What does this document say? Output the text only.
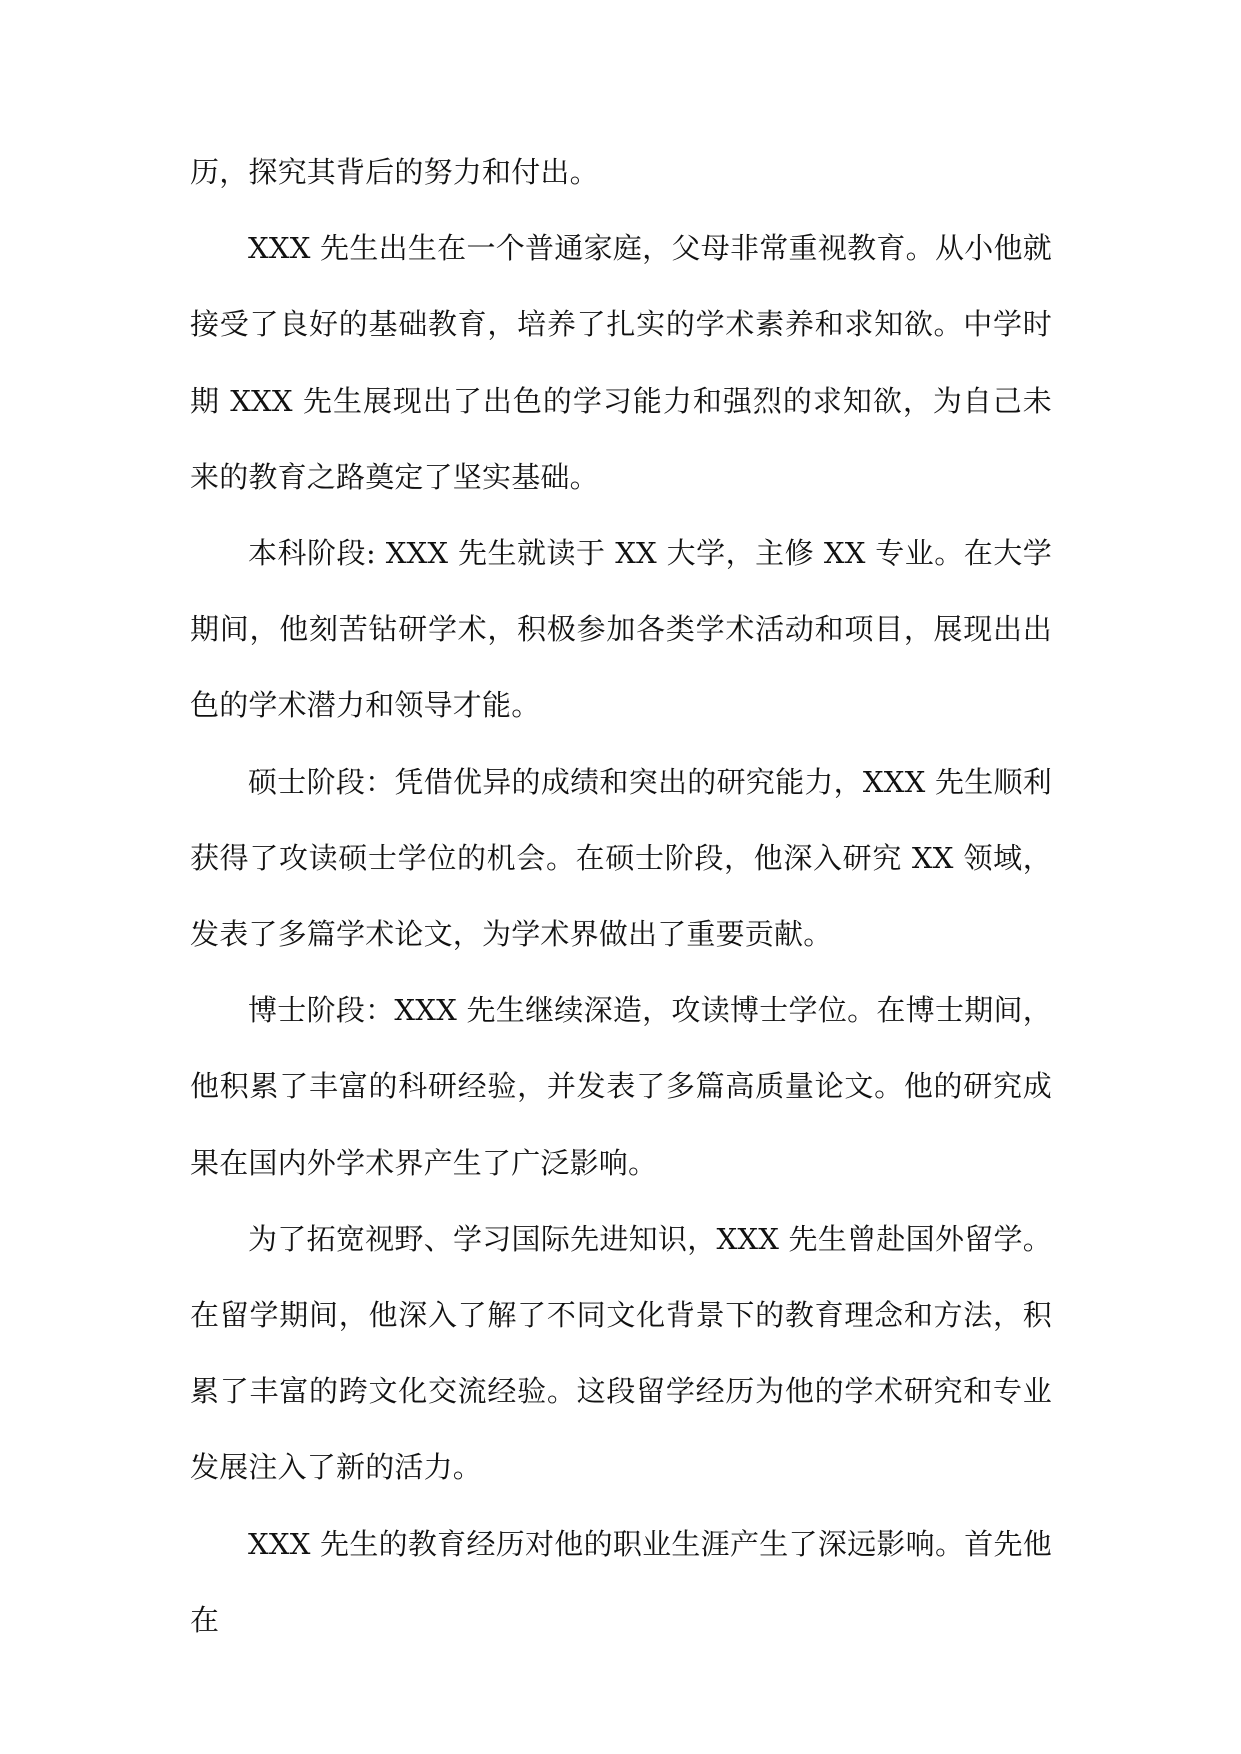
历，探究其背后的努力和付出。

XXX 先生出生在一个普通家庭，父母非常重视教育。从小他就接受了良好的基础教育，培养了扎实的学术素养和求知欲。中学时期 XXX 先生展现出了出色的学习能力和强烈的求知欲，为自己未来的教育之路奠定了坚实基础。

本科阶段: XXX 先生就读于 XX 大学，主修 XX 专业。在大学期间，他刻苦钻研学术，积极参加各类学术活动和项目，展现出出色的学术潜力和领导才能。

硕士阶段：凭借优异的成绩和突出的研究能力，XXX 先生顺利获得了攻读硕士学位的机会。在硕士阶段，他深入研究 XX 领域，发表了多篇学术论文，为学术界做出了重要贡献。

博士阶段：XXX 先生继续深造，攻读博士学位。在博士期间，他积累了丰富的科研经验，并发表了多篇高质量论文。他的研究成果在国内外学术界产生了广泛影响。

为了拓宽视野、学习国际先进知识，XXX 先生曾赴国外留学。在留学期间，他深入了解了不同文化背景下的教育理念和方法，积累了丰富的跨文化交流经验。这段留学经历为他的学术研究和专业发展注入了新的活力。

XXX 先生的教育经历对他的职业生涯产生了深远影响。首先他在
